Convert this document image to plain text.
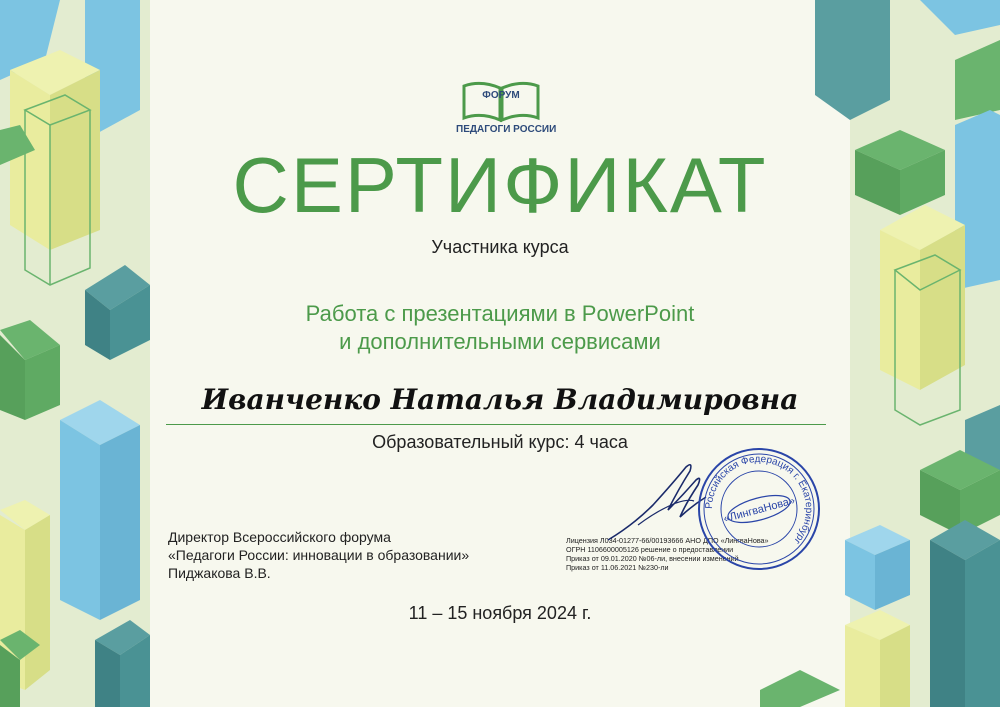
ФОРУМ
ПЕДАГОГИ РОССИИ
СЕРТИФИКАТ
Участника курса
Работа с презентациями в PowerPoint
и дополнительными сервисами
Иванченко Наталья Владимировна
Образовательный курс: 4 часа
Директор Всероссийского форума
«Педагоги России: инновации в образовании»
Пиджакова В.В.
Лицензия Л034-01277-66/00193666 АНО ДПО «ЛингваНова»
ОГРН 1106600005126 решение о предоставлении
Приказ от 09.01.2020 №06-ли, внесении изменений
Приказ от 11.06.2021 №230-ли
Российская Федерация г. Екатеринбург
«ЛингваНова»
11 – 15 ноября 2024 г.
